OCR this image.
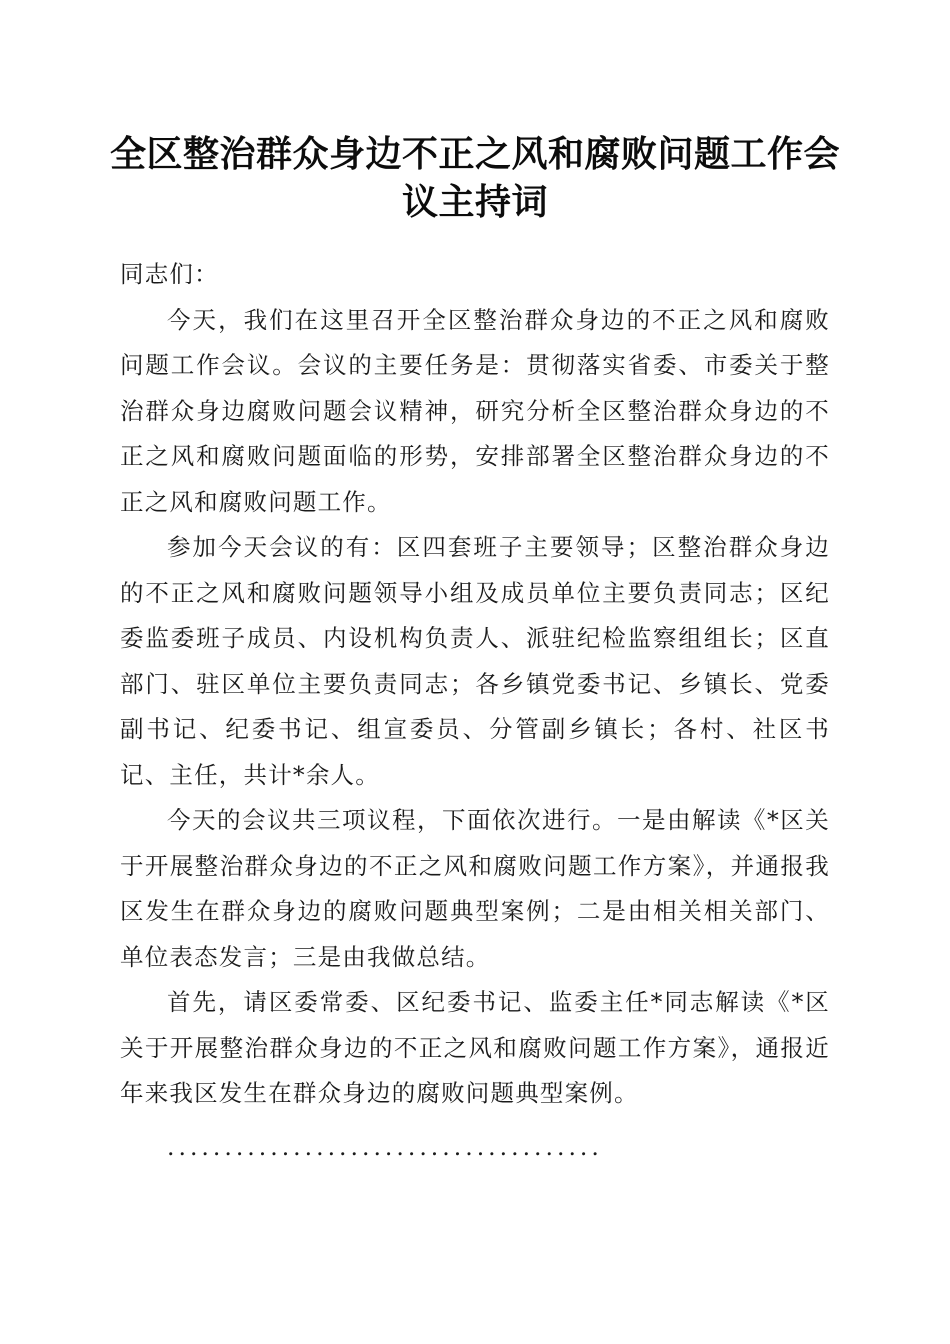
全区整治群众身边不正之风和腐败问题工作会议主持词

同志们：

今天，我们在这里召开全区整治群众身边的不正之风和腐败问题工作会议。会议的主要任务是：贯彻落实省委、市委关于整治群众身边腐败问题会议精神，研究分析全区整治群众身边的不正之风和腐败问题面临的形势，安排部署全区整治群众身边的不正之风和腐败问题工作。

参加今天会议的有：区四套班子主要领导；区整治群众身边的不正之风和腐败问题领导小组及成员单位主要负责同志；区纪委监委班子成员、内设机构负责人、派驻纪检监察组组长；区直部门、驻区单位主要负责同志；各乡镇党委书记、乡镇长、党委副书记、纪委书记、组宣委员、分管副乡镇长；各村、社区书记、主任，共计*余人。

今天的会议共三项议程，下面依次进行。一是由解读《*区关于开展整治群众身边的不正之风和腐败问题工作方案》，并通报我区发生在群众身边的腐败问题典型案例；二是由相关相关部门、单位表态发言；三是由我做总结。

首先，请区委常委、区纪委书记、监委主任*同志解读《*区关于开展整治群众身边的不正之风和腐败问题工作方案》，通报近年来我区发生在群众身边的腐败问题典型案例。

......................................
